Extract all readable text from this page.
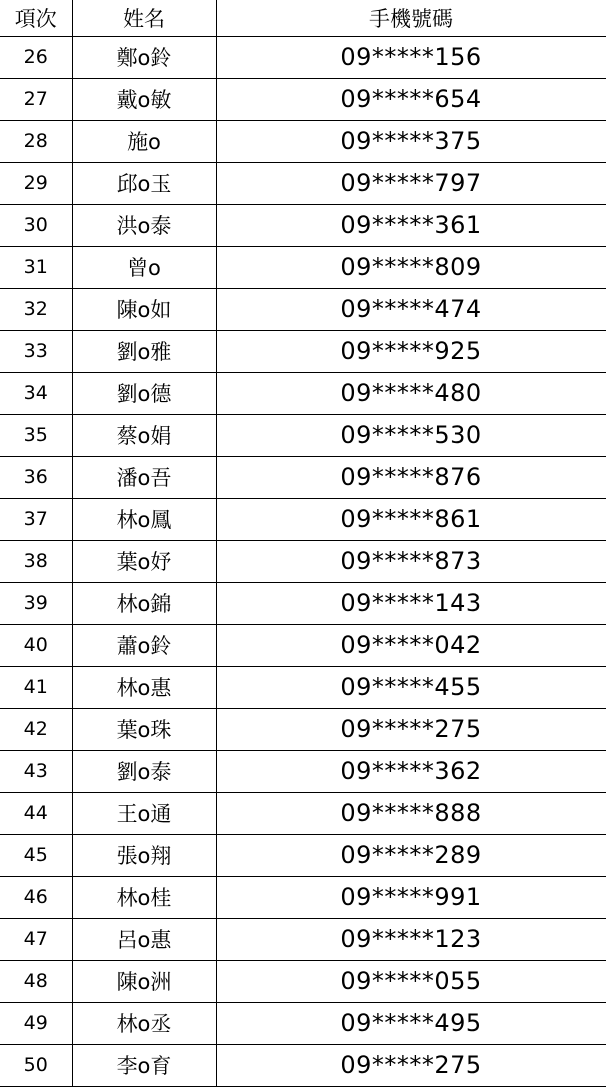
項次	姓名	手機號碼
26	鄭o鈴	09*****156
27	戴o敏	09*****654
28	施o	09*****375
29	邱o玉	09*****797
30	洪o泰	09*****361
31	曾o	09*****809
32	陳o如	09*****474
33	劉o雅	09*****925
34	劉o德	09*****480
35	蔡o娟	09*****530
36	潘o吾	09*****876
37	林o鳳	09*****861
38	葉o妤	09*****873
39	林o錦	09*****143
40	蕭o鈴	09*****042
41	林o惠	09*****455
42	葉o珠	09*****275
43	劉o泰	09*****362
44	王o通	09*****888
45	張o翔	09*****289
46	林o桂	09*****991
47	呂o惠	09*****123
48	陳o洲	09*****055
49	林o丞	09*****495
50	李o育	09*****275
